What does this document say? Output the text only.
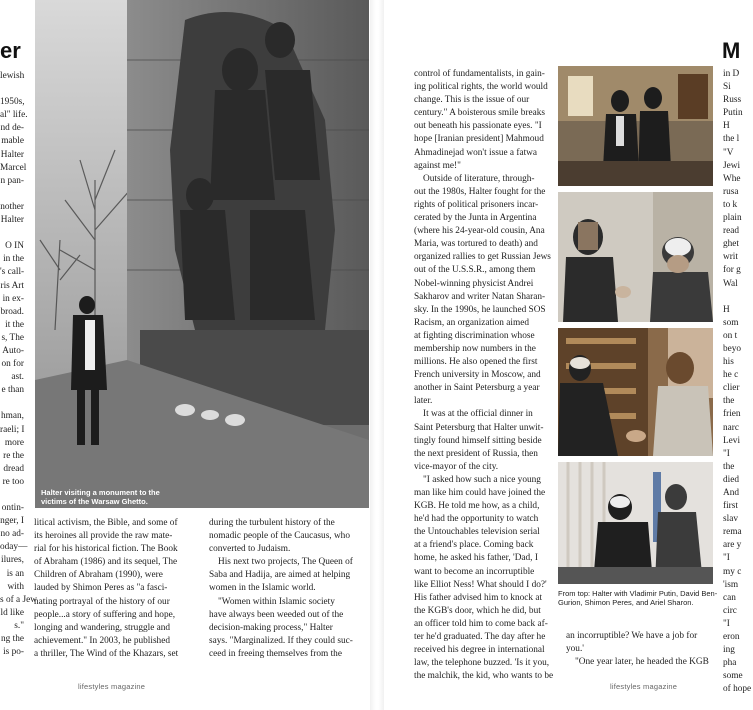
er
lewish
1950s,
al" life.
nd de-
mable
Halter
Marcel
n pan-
nother
Halter
O IN
in the
's call-
ris Art
in ex-
broad.
it the
s, The
Auto-
on for
ast.
e than
hman,
raeli; I
more
re the
dread
re too
ontin-
nger, I
no ad-
oday—
ilures,
is an
with
s of a Jew
ld like
s."
ng the
is po-
Halter visiting a monument to the victims of the Warsaw Ghetto.
litical activism, the Bible, and some of
its heroines all provide the raw mate-
rial for his historical fiction. The Book
of Abraham (1986) and its sequel, The
Children of Abraham (1990), were
lauded by Shimon Peres as "a fasci-
nating portrayal of the history of our
people...a story of suffering and hope,
longing and wandering, struggle and
achievement." In 2003, he published
a thriller, The Wind of the Khazars, set
during the turbulent history of the
nomadic people of the Caucasus, who
converted to Judaism.
His next two projects, The Queen of
Saba and Hadija, are aimed at helping
women in the Islamic world.
"Women within Islamic society
have always been weeded out of the
decision-making process," Halter
says. "Marginalized. If they could suc-
ceed in freeing themselves from the
lifestyles magazine
control of fundamentalists, in gain-
ing political rights, the world would
change. This is the issue of our
century." A boisterous smile breaks
out beneath his passionate eyes. "I
hope [Iranian president] Mahmoud
Ahmadinejad won't issue a fatwa
against me!"
Outside of literature, through-
out the 1980s, Halter fought for the
rights of political prisoners incar-
cerated by the Junta in Argentina
(where his 24-year-old cousin, Ana
Maria, was tortured to death) and
organized rallies to get Russian Jews
out of the U.S.S.R., among them
Nobel-winning physicist Andrei
Sakharov and writer Natan Sharan-
sky. In the 1990s, he launched SOS
Racism, an organization aimed
at fighting discrimination whose
membership now numbers in the
millions. He also opened the first
French university in Moscow, and
another in Saint Petersburg a year
later.
It was at the official dinner in
Saint Petersburg that Halter unwit-
tingly found himself sitting beside
the next president of Russia, then
vice-mayor of the city.
"I asked how such a nice young
man like him could have joined the
KGB. He told me how, as a child,
he'd had the opportunity to watch
the Untouchables television serial
at a friend's place. Coming back
home, he asked his father, 'Dad, I
want to become an incorruptible
like Elliot Ness! What should I do?'
His father advised him to knock at
the KGB's door, which he did, but
an officer told him to come back af-
ter he'd graduated. The day after he
received his degree in international
law, the telephone buzzed. 'Is it you,
the malchik, the kid, who wants to be
From top: Halter with Vladimir Putin, David Ben-Gurion, Shimon Peres, and Ariel Sharon.
an incorruptible? We have a job for
you.'
"One year later, he headed the KGB
M
in D
Si
Russ
Putin
H
the l
"V
Jewi
Whe
rusa
to k
plain
read
ghet
writ
for g
Wal
H
som
on t
beyo
his
he c
clier
the
frien
narc
Levi
"I
the
died
And
first
slav
rema
are y
"I
my c
'ism
can
circ
"I
eron
ing
pha
some
of hope
lifestyles magazine
